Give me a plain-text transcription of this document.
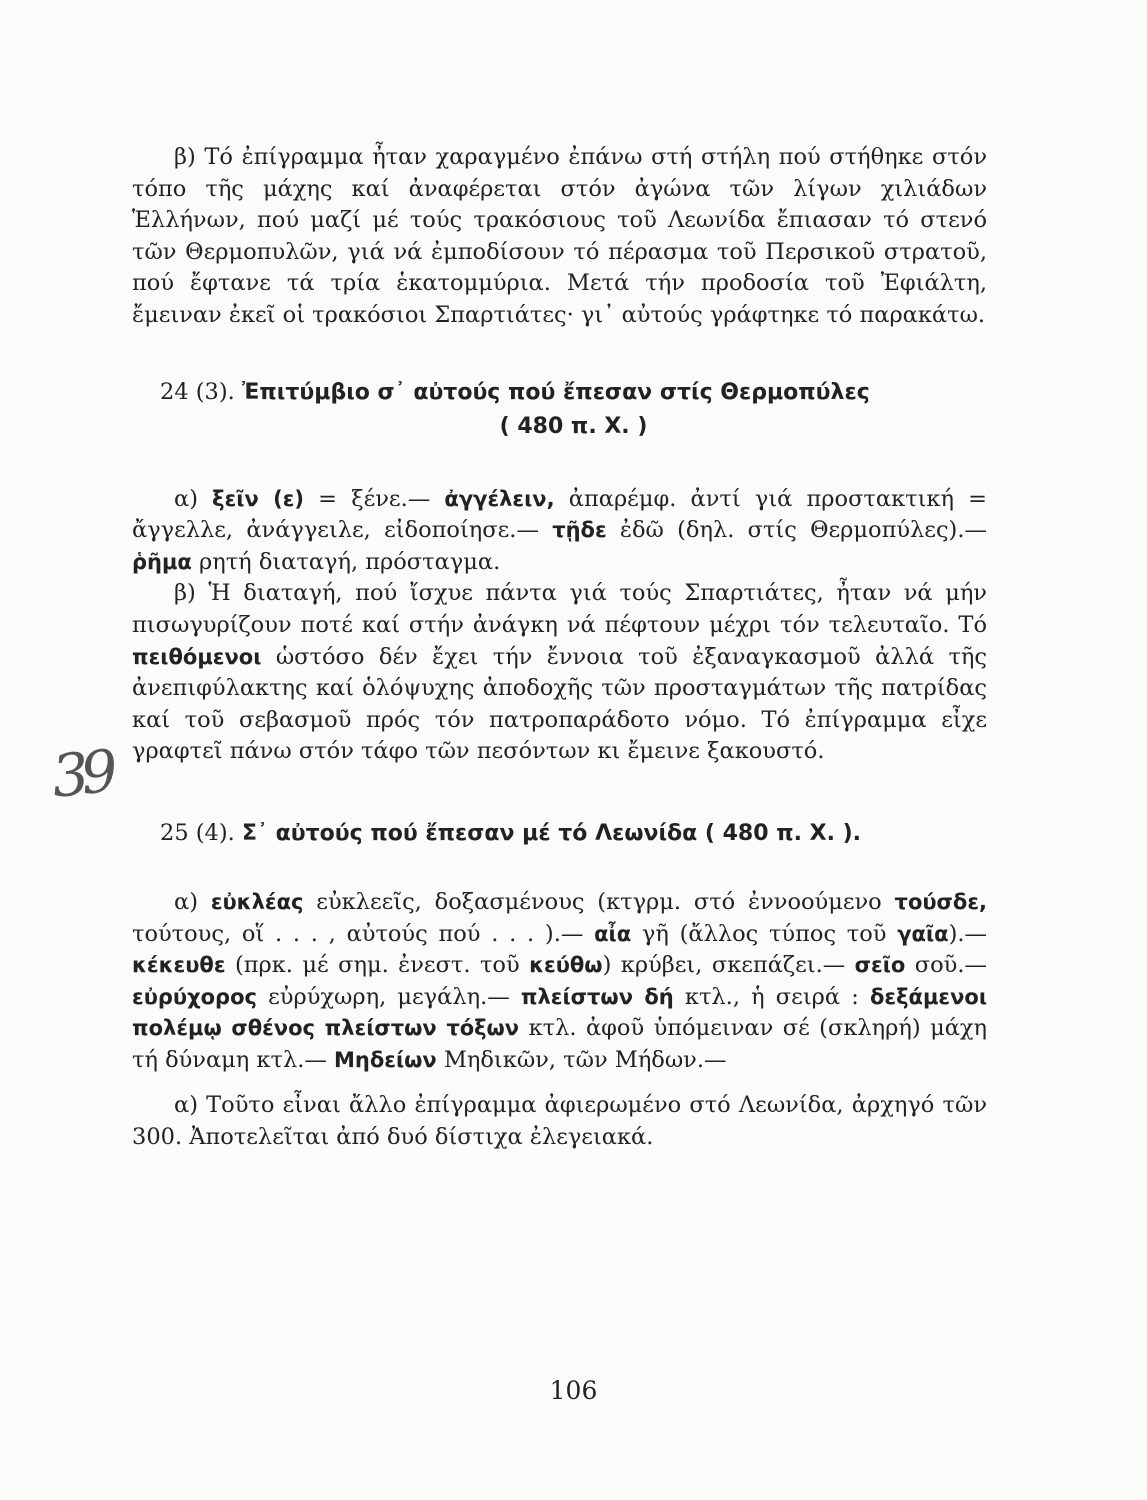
39

β) Τό ἐπίγραμμα ἦταν χαραγμένο ἐπάνω στή στήλη πού στήθηκε στόν τόπο τῆς μάχης καί ἀναφέρεται στόν ἀγώνα τῶν λίγων χιλιάδων Ἑλλήνων, πού μαζί μέ τούς τρακόσιους τοῦ Λεωνίδα ἔπιασαν τό στενό τῶν Θερμοπυλῶν, γιά νά ἐμποδίσουν τό πέρασμα τοῦ Περσικοῦ στρατοῦ, πού ἔφτανε τά τρία ἑκατομμύρια. Μετά τήν προδοσία τοῦ Ἐφιάλτη, ἔμειναν ἐκεῖ οἱ τρακόσιοι Σπαρτιάτες· γι᾽ αὐτούς γράφτηκε τό παρακάτω.

24 (3). Ἐπιτύμβιο σ᾽ αὐτούς πού ἔπεσαν στίς Θερμοπύλες
( 480 π. Χ. )

α) ξεῖν (ε) = ξένε.— ἀγγέλειν, ἀπαρέμφ. ἀντί γιά προστακτική = ἄγγελλε, ἀνάγγειλε, εἰδοποίησε.— τῇδε ἐδῶ (δηλ. στίς Θερμοπύλες).— ῥῆμα ρητή διαταγή, πρόσταγμα.

β) Ἡ διαταγή, πού ἴσχυε πάντα γιά τούς Σπαρτιάτες, ἦταν νά μήν πισωγυρίζουν ποτέ καί στήν ἀνάγκη νά πέφτουν μέχρι τόν τελευταῖο. Τό πειθόμενοι ὡστόσο δέν ἔχει τήν ἔννοια τοῦ ἐξαναγκασμοῦ ἀλλά τῆς ἀνεπιφύλακτης καί ὁλόψυχης ἀποδοχῆς τῶν προσταγμάτων τῆς πατρίδας καί τοῦ σεβασμοῦ πρός τόν πατροπαράδοτο νόμο. Τό ἐπίγραμμα εἶχε γραφτεῖ πάνω στόν τάφο τῶν πεσόντων κι ἔμεινε ξακουστό.

25 (4). Σ᾽ αὐτούς πού ἔπεσαν μέ τό Λεωνίδα ( 480 π. Χ. ).

α) εὐκλέας εὐκλεεῖς, δοξασμένους (κτγρμ. στό ἐννοούμενο τούσδε, τούτους, οἵ . . . , αὐτούς πού . . . ).— αἶα γῆ (ἄλλος τύπος τοῦ γαῖα).— κέκευθε (πρκ. μέ σημ. ἐνεστ. τοῦ κεύθω) κρύβει, σκεπάζει.— σεῖο σοῦ.— εὐρύχορος εὐρύχωρη, μεγάλη.— πλείστων δή κτλ., ἡ σειρά : δεξάμενοι πολέμῳ σθένος πλείστων τόξων κτλ. ἀφοῦ ὑπόμειναν σέ (σκληρή) μάχη τή δύναμη κτλ.— Μηδείων Μηδικῶν, τῶν Μήδων.—

α) Τοῦτο εἶναι ἄλλο ἐπίγραμμα ἀφιερωμένο στό Λεωνίδα, ἀρχηγό τῶν 300. Ἀποτελεῖται ἀπό δυό δίστιχα ἐλεγειακά.

106
